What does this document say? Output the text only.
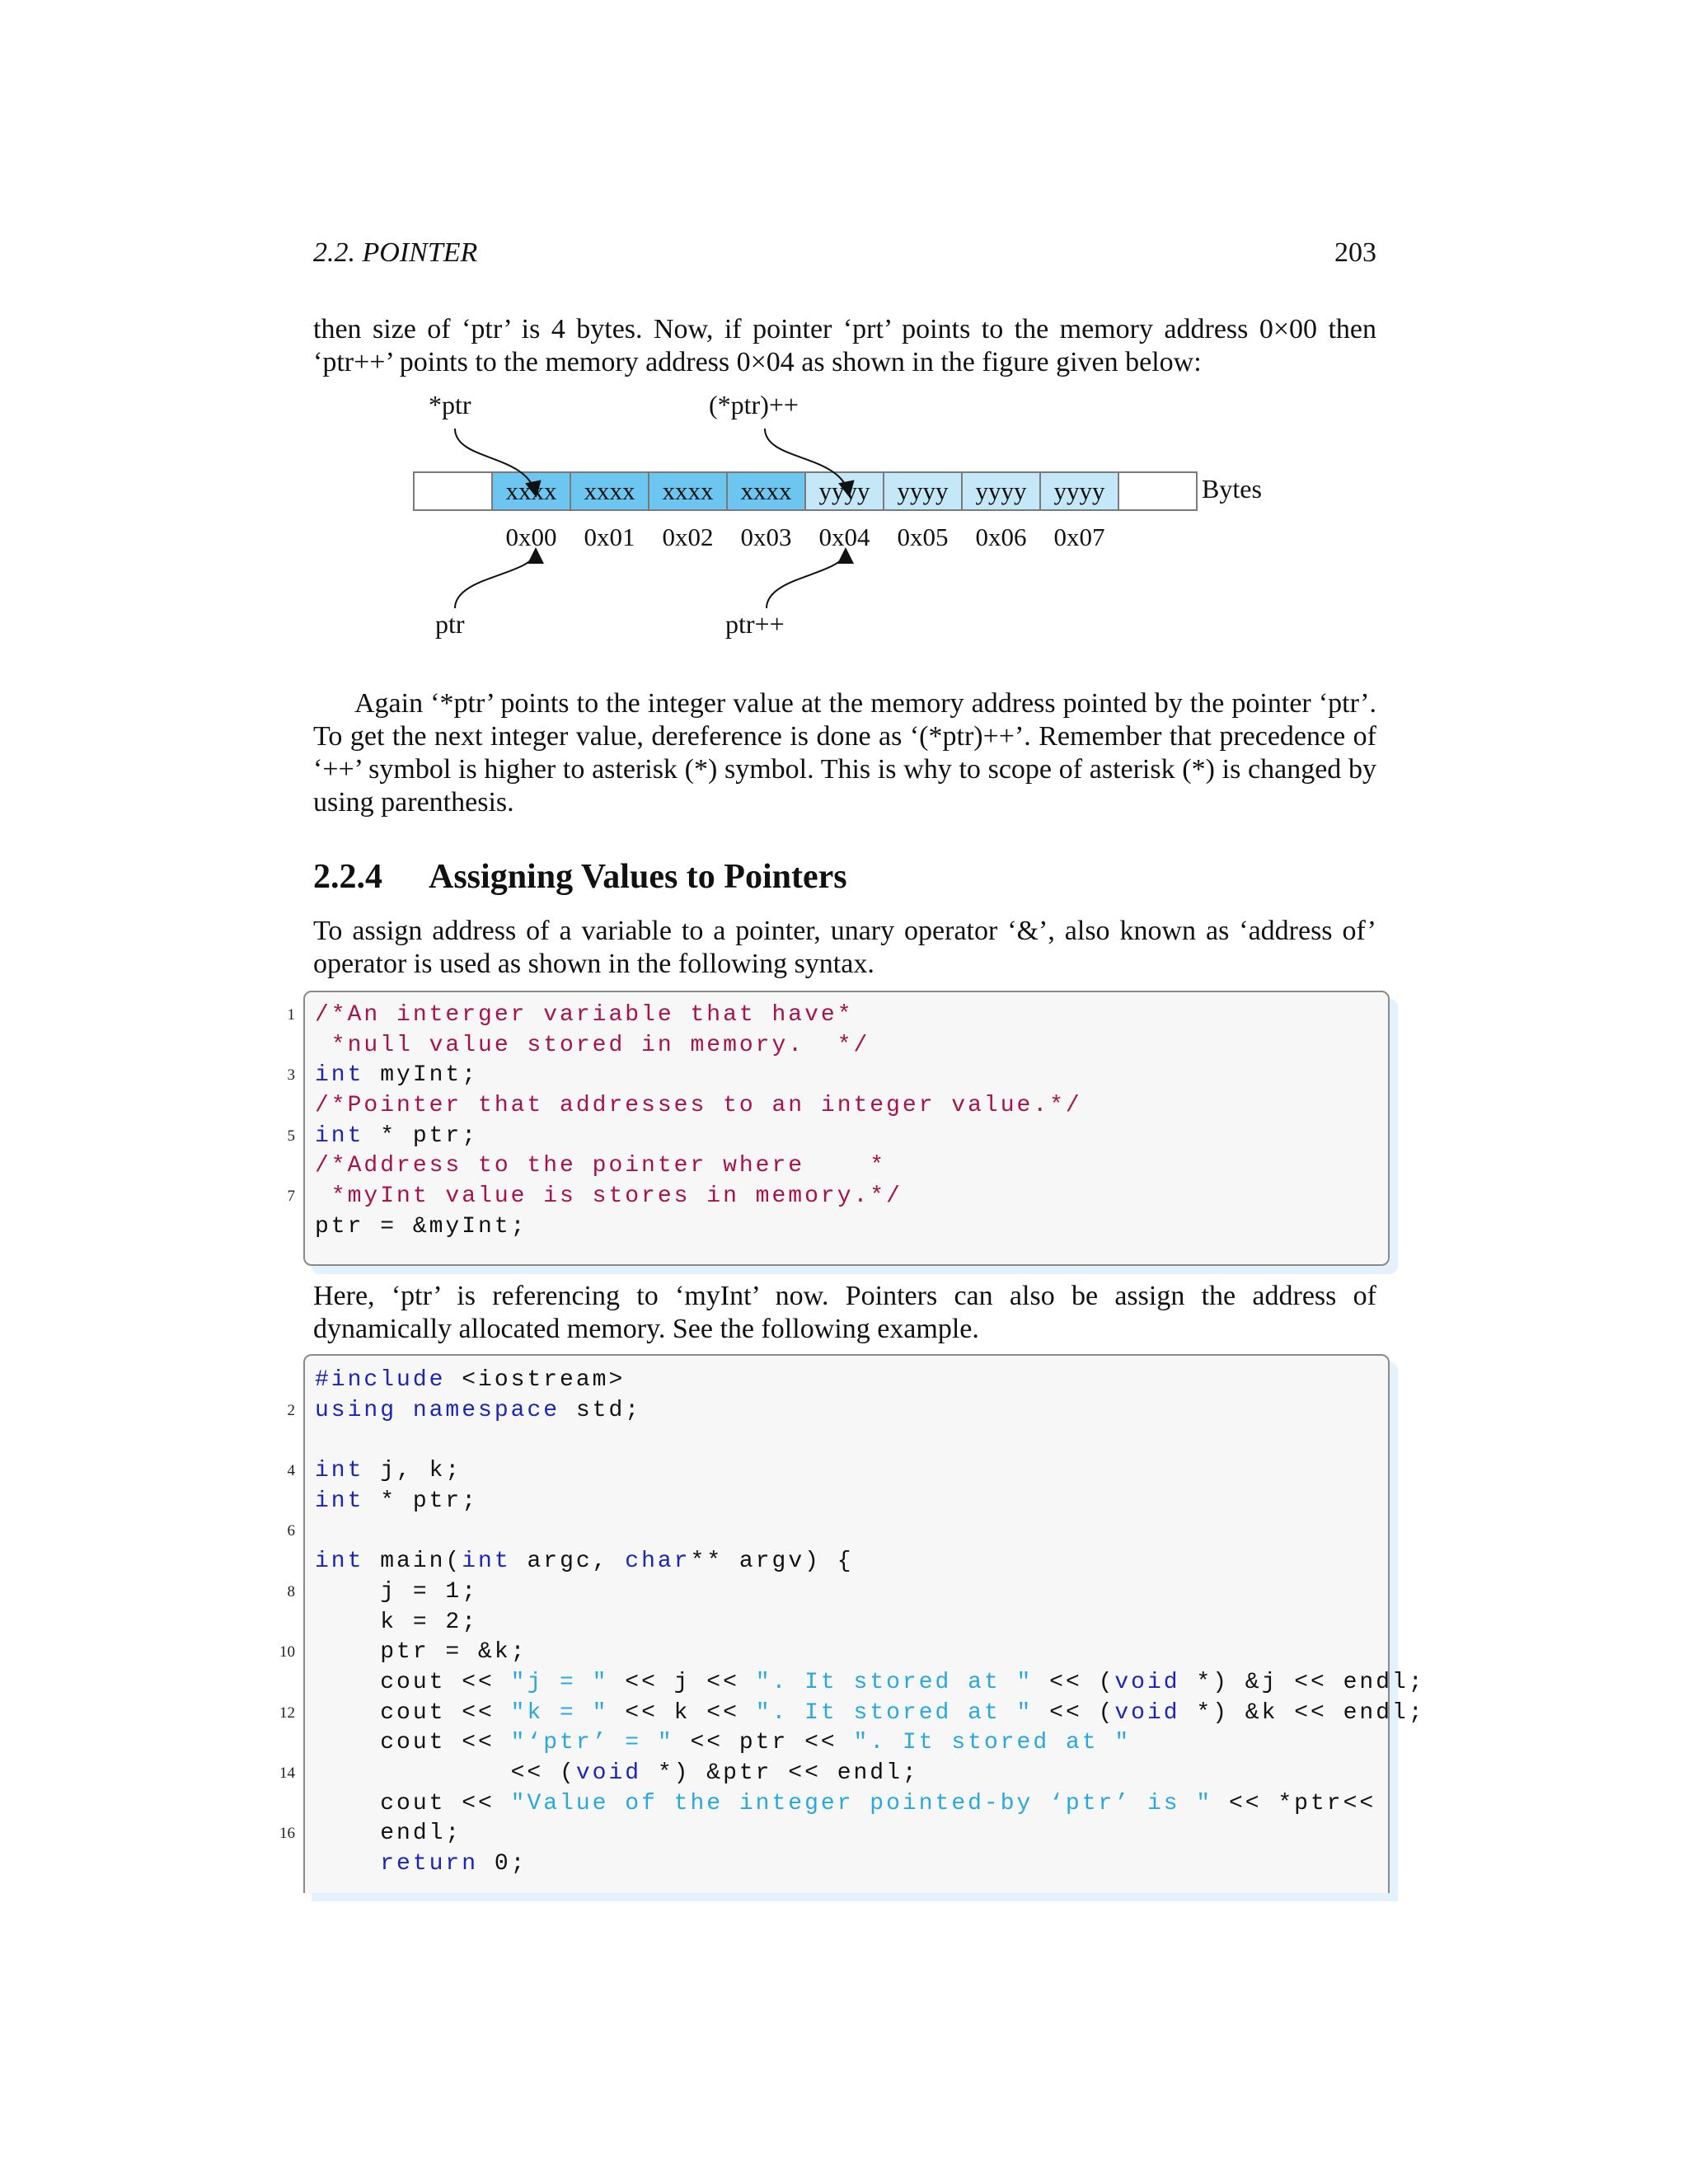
2.2. POINTER	203

then size of ‘ptr’ is 4 bytes. Now, if pointer ‘prt’ points to the memory address 0×00 then ‘ptr++’ points to the memory address 0×04 as shown in the figure given below:

xxxx xxxx xxxx xxxx yyyy yyyy yyyy yyyy
0x00 0x01 0x02 0x03 0x04 0x05 0x06 0x07
*ptr	(*ptr)++
ptr	ptr++
Bytes

Again ‘*ptr’ points to the integer value at the memory address pointed by the pointer ‘ptr’. To get the next integer value, dereference is done as ‘(*ptr)++’. Remember that precedence of ‘++’ symbol is higher to asterisk (*) symbol. This is why to scope of asterisk (*) is changed by using parenthesis.

2.2.4 Assigning Values to Pointers

To assign address of a variable to a pointer, unary operator ‘&’, also known as ‘address of’ operator is used as shown in the following syntax.

1 /*An interger variable that have*
*null value stored in memory.  */
3 int myInt;
/*Pointer that addresses to an integer value.*/
5 int * ptr;
/*Address to the pointer where    *
7 *myInt value is stores in memory.*/
ptr = &myInt;

Here, ‘ptr’ is referencing to ‘myInt’ now. Pointers can also be assign the address of dynamically allocated memory. See the following example.

#include <iostream>
2 using namespace std;
4 int j, k;
int * ptr;
6
int main(int argc, char** argv) {
8 j = 1;
k = 2;
10 ptr = &k;
cout << "j = " << j << ". It stored at " << (void *) &j << endl;
12 cout << "k = " << k << ". It stored at " << (void *) &k << endl;
cout << "‘ptr’ = " << ptr << ". It stored at "
14 << (void *) &ptr << endl;
cout << "Value of the integer pointed-by ‘ptr’ is " << *ptr<<
16 endl;
return 0;
